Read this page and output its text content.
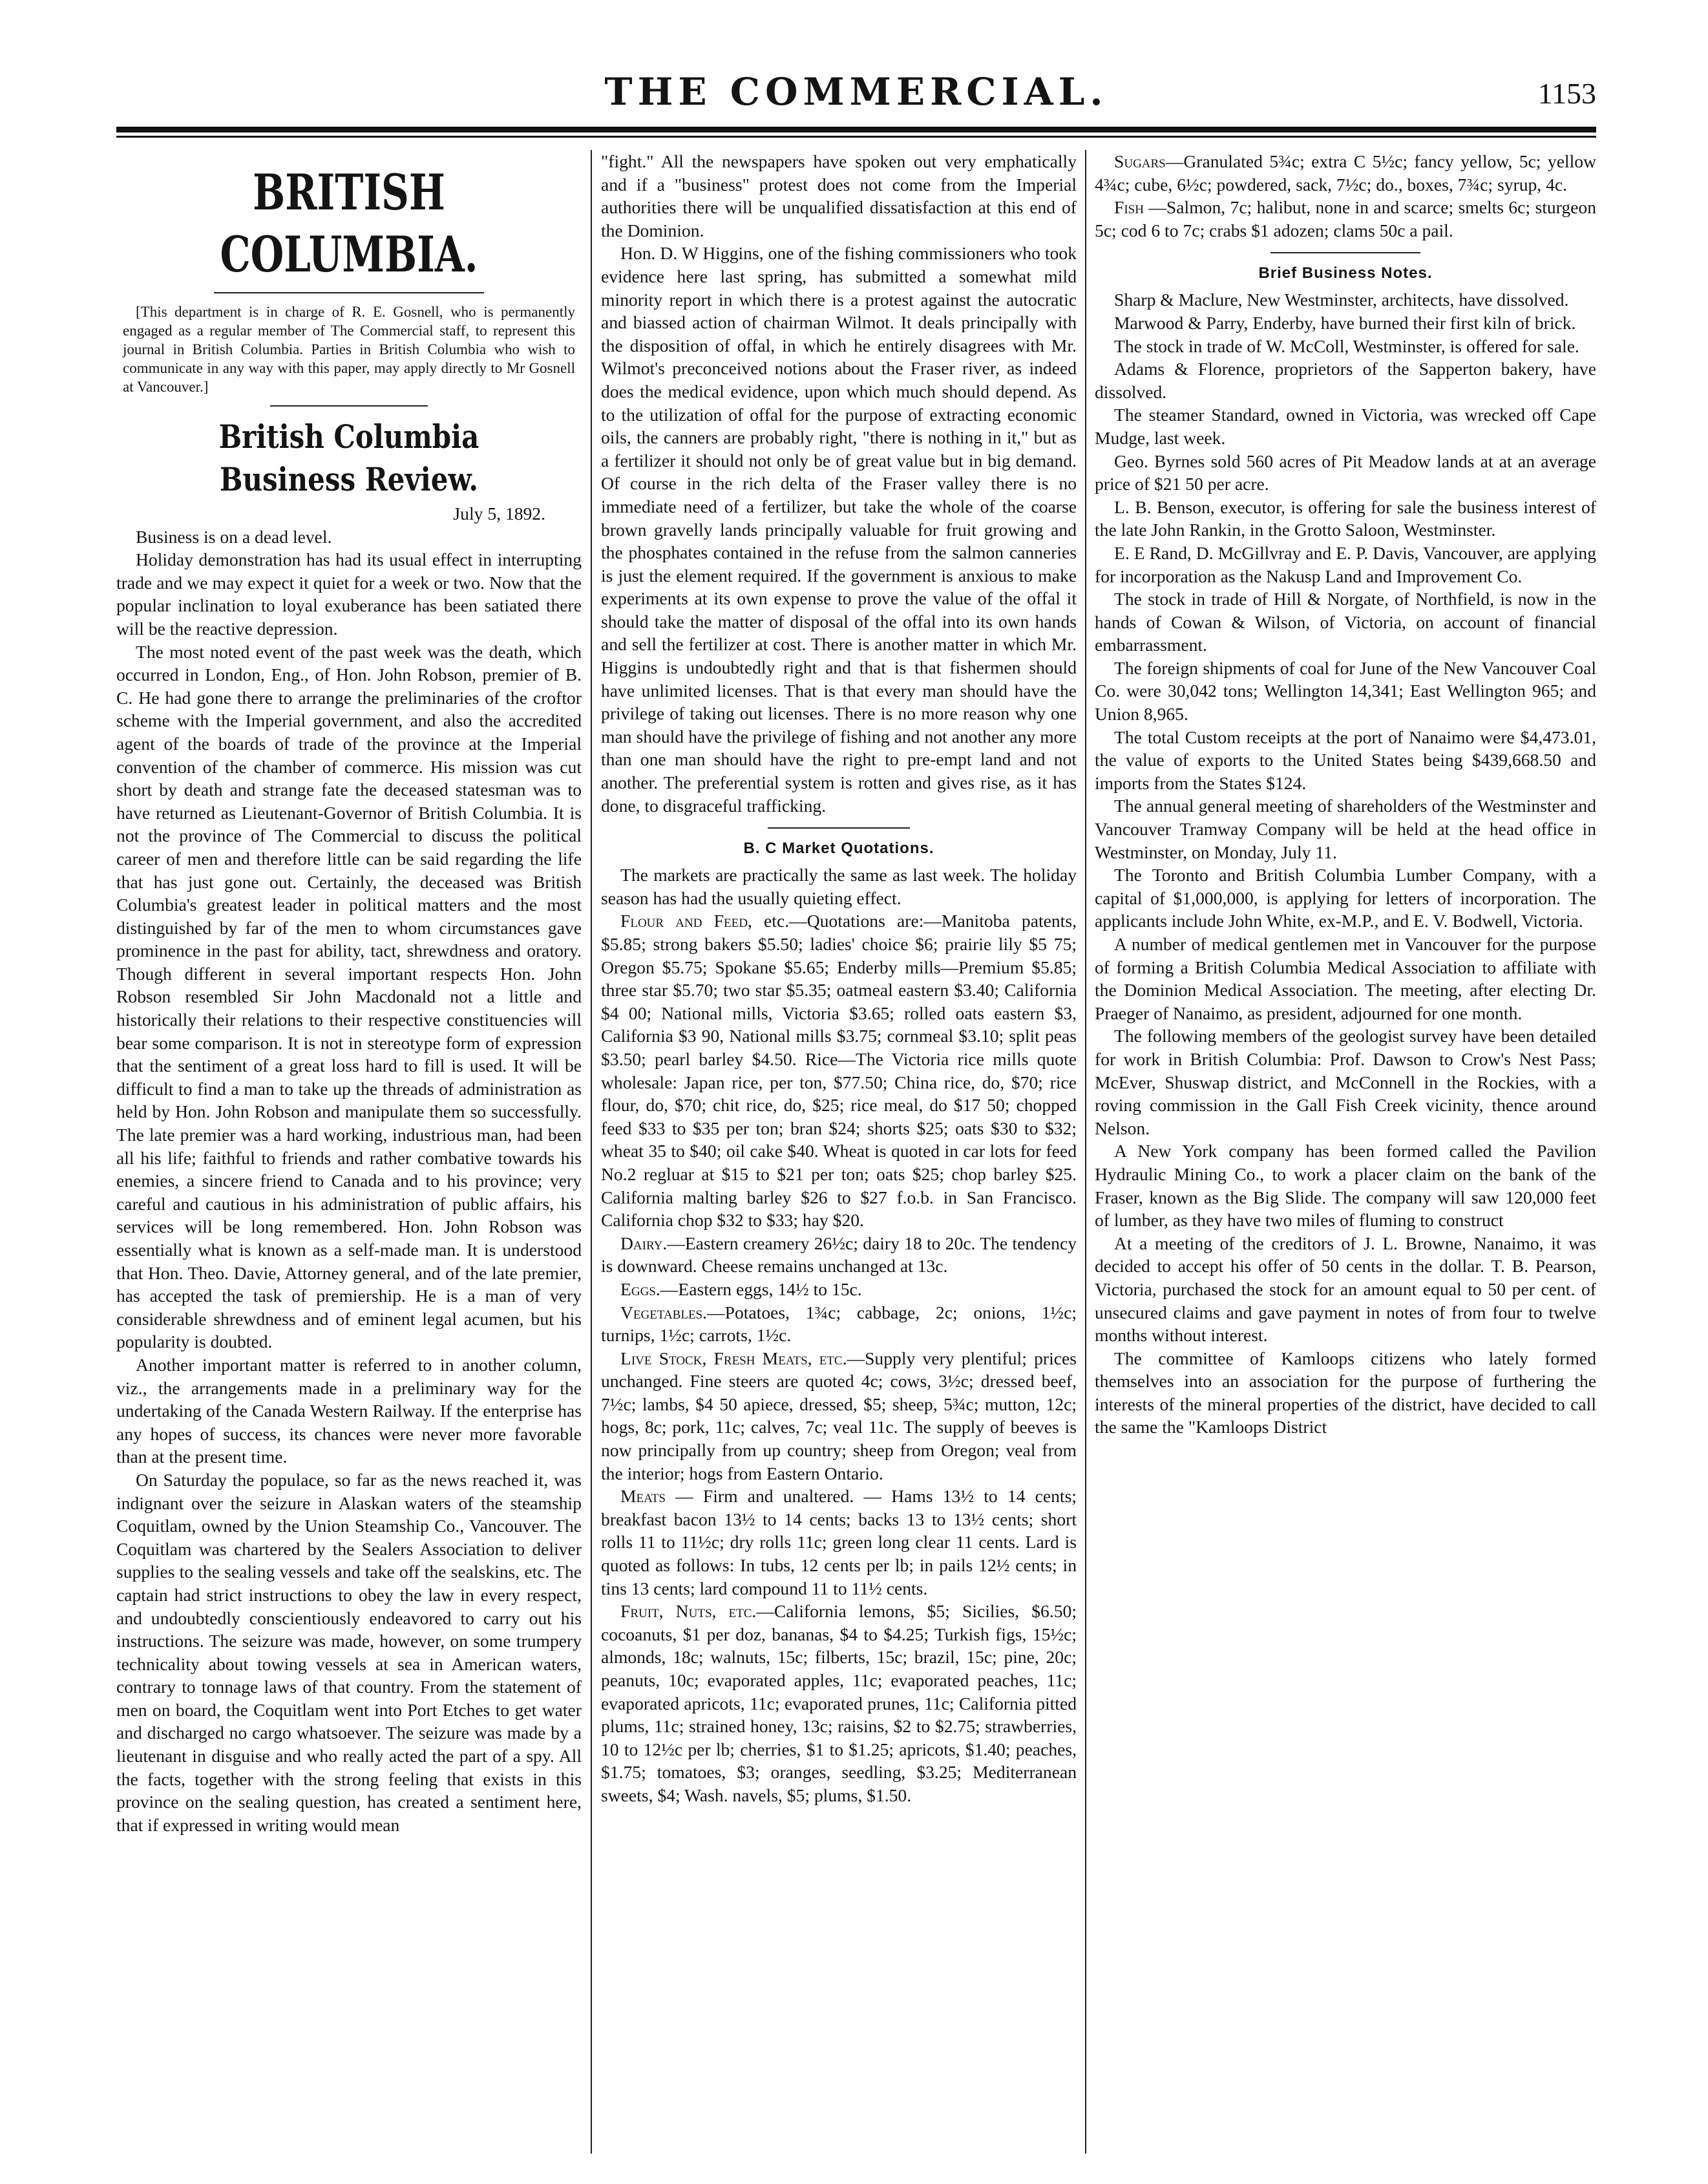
THE COMMERCIAL.	1153
BRITISH COLUMBIA.

[This department is in charge of R. E. Gosnell, who is permanently engaged as a regular member of The Commercial staff, to represent this journal in British Columbia. Parties in British Columbia who wish to communicate in any way with this paper, may apply directly to Mr Gosnell at Vancouver.]

British Columbia Business Review.

July 5, 1892.

Business is on a dead level.

Holiday demonstration has had its usual effect in interrupting trade and we may expect it quiet for a week or two. Now that the popular inclination to loyal exuberance has been satiated there will be the reactive depression.

The most noted event of the past week was the death, which occurred in London, Eng., of Hon. John Robson, premier of B. C. He had gone there to arrange the preliminaries of the croftor scheme with the Imperial government, and also the accredited agent of the boards of trade of the province at the Imperial convention of the chamber of commerce. His mission was cut short by death and strange fate the deceased statesman was to have returned as Lieutenant-Governor of British Columbia. It is not the province of The Commercial to discuss the political career of men and therefore little can be said regarding the life that has just gone out. Certainly, the deceased was British Columbia's greatest leader in political matters and the most distinguished by far of the men to whom circumstances gave prominence in the past for ability, tact, shrewdness and oratory. Though different in several important respects Hon. John Robson resembled Sir John Macdonald not a little and historically their relations to their respective constituencies will bear some comparison. It is not in stereotype form of expression that the sentiment of a great loss hard to fill is used. It will be difficult to find a man to take up the threads of administration as held by Hon. John Robson and manipulate them so successfully. The late premier was a hard working, industrious man, had been all his life; faithful to friends and rather combative towards his enemies, a sincere friend to Canada and to his province; very careful and cautious in his administration of public affairs, his services will be long remembered. Hon. John Robson was essentially what is known as a self-made man. It is understood that Hon. Theo. Davie, Attorney general, and of the late premier, has accepted the task of premiership. He is a man of very considerable shrewdness and of eminent legal acumen, but his popularity is doubted.

Another important matter is referred to in another column, viz., the arrangements made in a preliminary way for the undertaking of the Canada Western Railway. If the enterprise has any hopes of success, its chances were never more favorable than at the present time.

On Saturday the populace, so far as the news reached it, was indignant over the seizure in Alaskan waters of the steamship Coquitlam, owned by the Union Steamship Co., Vancouver. The Coquitlam was chartered by the Sealers Association to deliver supplies to the sealing vessels and take off the sealskins, etc. The captain had strict instructions to obey the law in every respect, and undoubtedly conscientiously endeavored to carry out his instructions. The seizure was made, however, on some trumpery technicality about towing vessels at sea in American waters, contrary to tonnage laws of that country. From the statement of men on board, the Coquitlam went into Port Etches to get water and discharged no cargo whatsoever. The seizure was made by a lieutenant in disguise and who really acted the part of a spy. All the facts, together with the strong feeling that exists in this province on the sealing question, has created a sentiment here, that if expressed in writing would mean

"fight." All the newspapers have spoken out very emphatically and if a "business" protest does not come from the Imperial authorities there will be unqualified dissatisfaction at this end of the Dominion.

Hon. D. W Higgins, one of the fishing commissioners who took evidence here last spring, has submitted a somewhat mild minority report in which there is a protest against the autocratic and biassed action of chairman Wilmot. It deals principally with the disposition of offal, in which he entirely disagrees with Mr. Wilmot's preconceived notions about the Fraser river, as indeed does the medical evidence, upon which much should depend. As to the utilization of offal for the purpose of extracting economic oils, the canners are probably right, "there is nothing in it," but as a fertilizer it should not only be of great value but in big demand. Of course in the rich delta of the Fraser valley there is no immediate need of a fertilizer, but take the whole of the coarse brown gravelly lands principally valuable for fruit growing and the phosphates contained in the refuse from the salmon canneries is just the element required. If the government is anxious to make experiments at its own expense to prove the value of the offal it should take the matter of disposal of the offal into its own hands and sell the fertilizer at cost. There is another matter in which Mr. Higgins is undoubtedly right and that is that fishermen should have unlimited licenses. That is that every man should have the privilege of taking out licenses. There is no more reason why one man should have the privilege of fishing and not another any more than one man should have the right to pre-empt land and not another. The preferential system is rotten and gives rise, as it has done, to disgraceful trafficking.

B. C Market Quotations.

The markets are practically the same as last week. The holiday season has had the usually quieting effect.

Flour and Feed, etc.—Quotations are:—Manitoba patents, $5.85; strong bakers $5.50; ladies' choice $6; prairie lily $5 75; Oregon $5.75; Spokane $5.65; Enderby mills—Premium $5.85; three star $5.70; two star $5.35; oatmeal eastern $3.40; California $4 00; National mills, Victoria $3.65; rolled oats eastern $3, California $3 90, National mills $3.75; cornmeal $3.10; split peas $3.50; pearl barley $4.50. Rice—The Victoria rice mills quote wholesale: Japan rice, per ton, $77.50; China rice, do, $70; rice flour, do, $70; chit rice, do, $25; rice meal, do $17 50; chopped feed $33 to $35 per ton; bran $24; shorts $25; oats $30 to $32; wheat 35 to $40; oil cake $40. Wheat is quoted in car lots for feed No.2 regluar at $15 to $21 per ton; oats $25; chop barley $25. California malting barley $26 to $27 f.o.b. in San Francisco. California chop $32 to $33; hay $20.

Dairy.—Eastern creamery 26½c; dairy 18 to 20c. The tendency is downward. Cheese remains unchanged at 13c.

Eggs.—Eastern eggs, 14½ to 15c.

Vegetables.—Potatoes, 1¾c; cabbage, 2c; onions, 1½c; turnips, 1½c; carrots, 1½c.

Live Stock, Fresh Meats, etc.—Supply very plentiful; prices unchanged. Fine steers are quoted 4c; cows, 3½c; dressed beef, 7½c; lambs, $4 50 apiece, dressed, $5; sheep, 5¾c; mutton, 12c; hogs, 8c; pork, 11c; calves, 7c; veal 11c. The supply of beeves is now principally from up country; sheep from Oregon; veal from the interior; hogs from Eastern Ontario.

Meats — Firm and unaltered. — Hams 13½ to 14 cents; breakfast bacon 13½ to 14 cents; backs 13 to 13½ cents; short rolls 11 to 11½c; dry rolls 11c; green long clear 11 cents. Lard is quoted as follows: In tubs, 12 cents per lb; in pails 12½ cents; in tins 13 cents; lard compound 11 to 11½ cents.

Fruit, Nuts, etc.—California lemons, $5; Sicilies, $6.50; cocoanuts, $1 per doz, bananas, $4 to $4.25; Turkish figs, 15½c; almonds, 18c; walnuts, 15c; filberts, 15c; brazil, 15c; pine, 20c; peanuts, 10c; evaporated apples, 11c; evaporated peaches, 11c; evaporated apricots, 11c; evaporated prunes, 11c; California pitted plums, 11c; strained honey, 13c; raisins, $2 to $2.75; strawberries, 10 to 12½c per lb; cherries, $1 to $1.25; apricots, $1.40; peaches, $1.75; tomatoes, $3; oranges, seedling, $3.25; Mediterranean sweets, $4; Wash. navels, $5; plums, $1.50.

Sugars—Granulated 5¾c; extra C 5½c; fancy yellow, 5c; yellow 4¾c; cube, 6½c; powdered, sack, 7½c; do., boxes, 7¾c; syrup, 4c.

Fish —Salmon, 7c; halibut, none in and scarce; smelts 6c; sturgeon 5c; cod 6 to 7c; crabs $1 adozen; clams 50c a pail.

Brief Business Notes.

Sharp & Maclure, New Westminster, architects, have dissolved.

Marwood & Parry, Enderby, have burned their first kiln of brick.

The stock in trade of W. McColl, Westminster, is offered for sale.

Adams & Florence, proprietors of the Sapperton bakery, have dissolved.

The steamer Standard, owned in Victoria, was wrecked off Cape Mudge, last week.

Geo. Byrnes sold 560 acres of Pit Meadow lands at at an average price of $21 50 per acre.

L. B. Benson, executor, is offering for sale the business interest of the late John Rankin, in the Grotto Saloon, Westminster.

E. E Rand, D. McGillvray and E. P. Davis, Vancouver, are applying for incorporation as the Nakusp Land and Improvement Co.

The stock in trade of Hill & Norgate, of Northfield, is now in the hands of Cowan & Wilson, of Victoria, on account of financial embarrassment.

The foreign shipments of coal for June of the New Vancouver Coal Co. were 30,042 tons; Wellington 14,341; East Wellington 965; and Union 8,965.

The total Custom receipts at the port of Nanaimo were $4,473.01, the value of exports to the United States being $439,668.50 and imports from the States $124.

The annual general meeting of shareholders of the Westminster and Vancouver Tramway Company will be held at the head office in Westminster, on Monday, July 11.

The Toronto and British Columbia Lumber Company, with a capital of $1,000,000, is applying for letters of incorporation. The applicants include John White, ex-M.P., and E. V. Bodwell, Victoria.

A number of medical gentlemen met in Vancouver for the purpose of forming a British Columbia Medical Association to affiliate with the Dominion Medical Association. The meeting, after electing Dr. Praeger of Nanaimo, as president, adjourned for one month.

The following members of the geologist survey have been detailed for work in British Columbia: Prof. Dawson to Crow's Nest Pass; McEver, Shuswap district, and McConnell in the Rockies, with a roving commission in the Gall Fish Creek vicinity, thence around Nelson.

A New York company has been formed called the Pavilion Hydraulic Mining Co., to work a placer claim on the bank of the Fraser, known as the Big Slide. The company will saw 120,000 feet of lumber, as they have two miles of fluming to construct

At a meeting of the creditors of J. L. Browne, Nanaimo, it was decided to accept his offer of 50 cents in the dollar. T. B. Pearson, Victoria, purchased the stock for an amount equal to 50 per cent. of unsecured claims and gave payment in notes of from four to twelve months without interest.

The committee of Kamloops citizens who lately formed themselves into an association for the purpose of furthering the interests of the mineral properties of the district, have decided to call the same the "Kamloops District
